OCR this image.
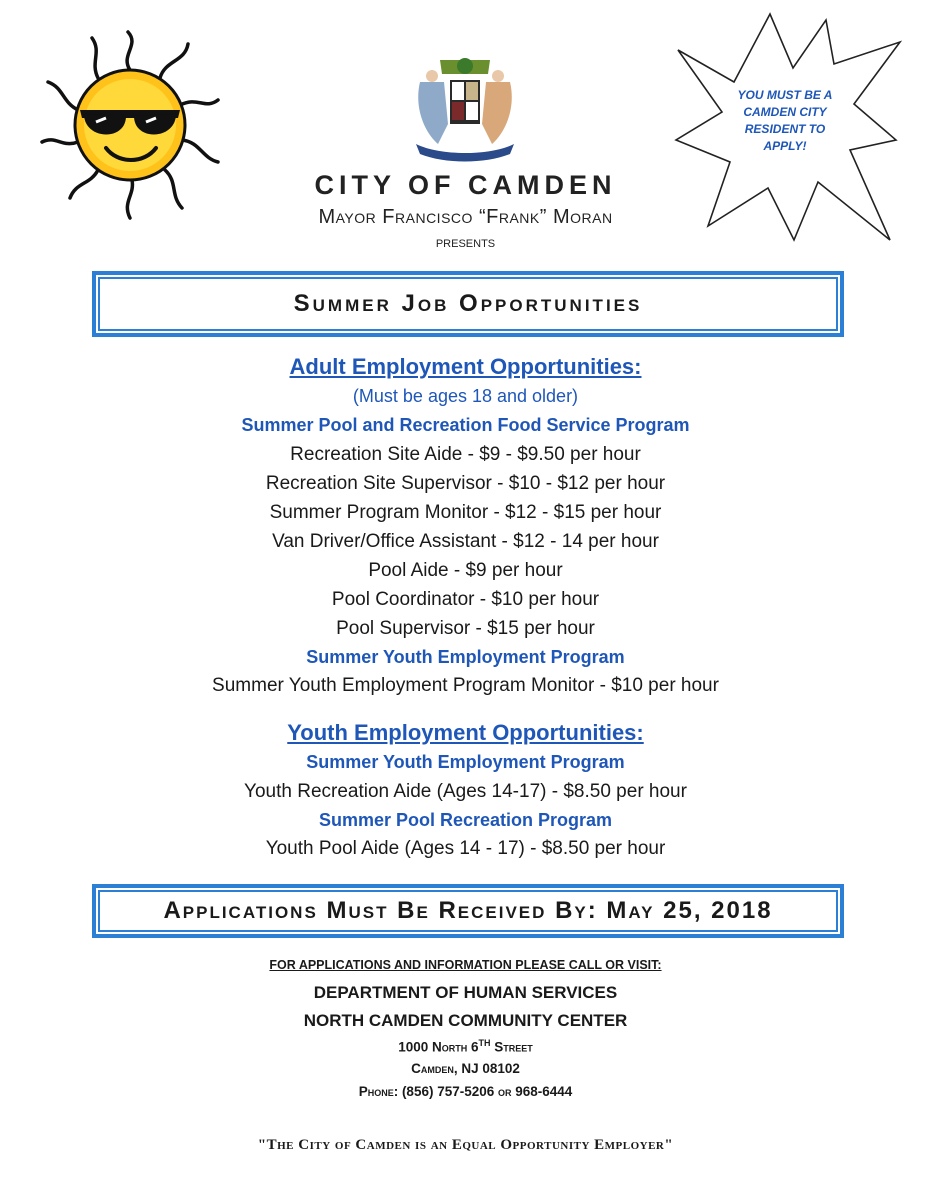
YOU MUST BE A CAMDEN CITY RESIDENT TO APPLY!
CITY OF CAMDEN
Mayor Francisco “Frank” Moran
presents
Summer Job Opportunities
Adult Employment Opportunities:
(Must be ages 18 and older)
Summer Pool and Recreation Food Service Program
Recreation Site Aide - $9 - $9.50 per hour
Recreation Site Supervisor - $10 - $12 per hour
Summer Program Monitor - $12 - $15 per hour
Van Driver/Office Assistant - $12 - 14 per hour
Pool Aide - $9 per hour
Pool Coordinator - $10 per hour
Pool Supervisor - $15 per hour
Summer Youth Employment Program
Summer Youth Employment Program Monitor - $10 per hour
Youth Employment Opportunities:
Summer Youth Employment Program
Youth Recreation Aide (Ages 14-17) - $8.50 per hour
Summer Pool Recreation Program
Youth Pool Aide (Ages 14 - 17) - $8.50 per hour
Applications Must Be Received By: May 25, 2018
FOR APPLICATIONS AND INFORMATION PLEASE CALL OR VISIT:
DEPARTMENT OF HUMAN SERVICES
NORTH CAMDEN COMMUNITY CENTER
1000 North 6TH Street
Camden, NJ 08102
Phone: (856) 757-5206 or 968-6444
"The City of Camden is an Equal Opportunity Employer"
